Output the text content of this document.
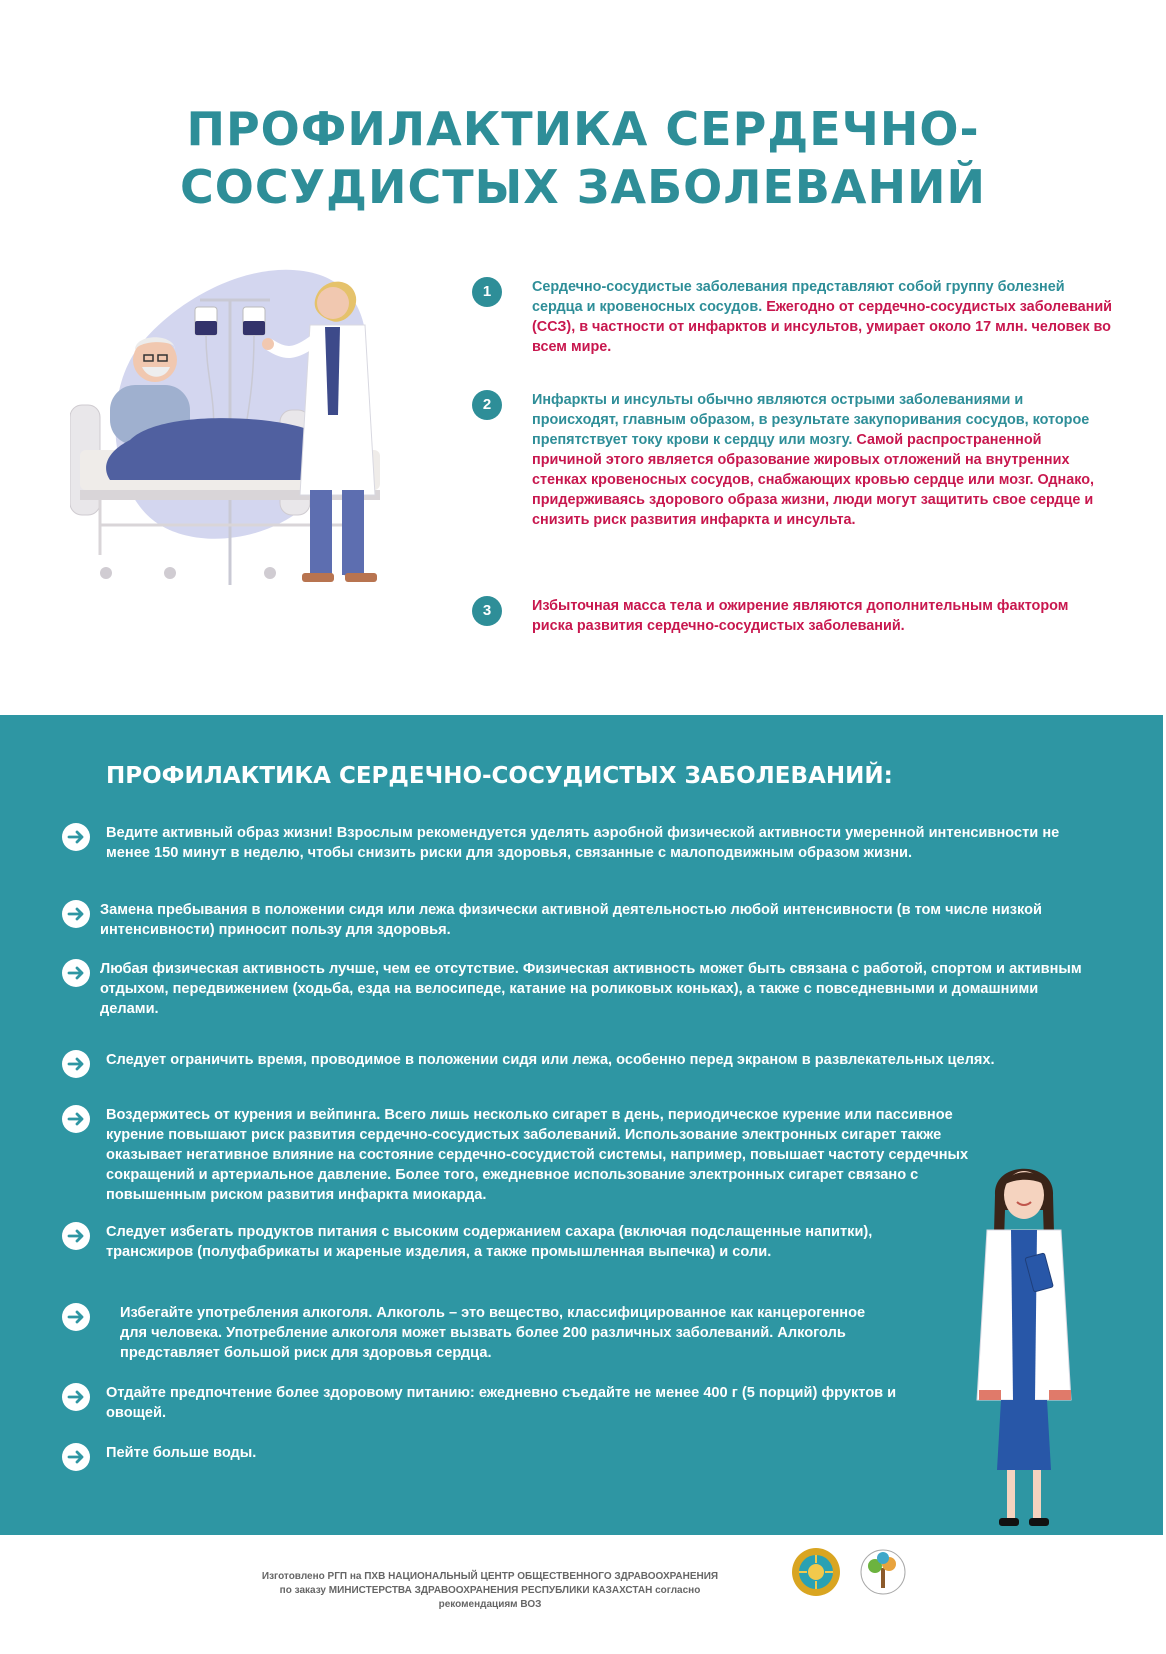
ПРОФИЛАКТИКА СЕРДЕЧНО-
СОСУДИСТЫХ ЗАБОЛЕВАНИЙ
1	Сердечно-сосудистые заболевания представляют собой группу болезней сердца и кровеносных сосудов. Ежегодно от сердечно-сосудистых заболеваний (ССЗ), в частности от инфарктов и инсультов, умирает около 17 млн. человек во всем мире.
2	Инфаркты и инсульты обычно являются острыми заболеваниями и происходят, главным образом, в результате закупоривания сосудов, которое препятствует току крови к сердцу или мозгу. Самой распространенной причиной этого является образование жировых отложений на внутренних стенках кровеносных сосудов, снабжающих кровью сердце или мозг. Однако, придерживаясь здорового образа жизни, люди могут защитить свое сердце и снизить риск развития инфаркта и инсульта.
3	Избыточная масса тела и ожирение являются дополнительным фактором риска развития сердечно-сосудистых заболеваний.
ПРОФИЛАКТИКА СЕРДЕЧНО-СОСУДИСТЫХ ЗАБОЛЕВАНИЙ:
Ведите активный образ жизни! Взрослым рекомендуется уделять аэробной физической активности умеренной интенсивности не менее 150 минут в неделю, чтобы снизить риски для здоровья, связанные с малоподвижным образом жизни.
Замена пребывания в положении сидя или лежа физически активной деятельностью любой интенсивности (в том числе низкой интенсивности) приносит пользу для здоровья.
Любая физическая активность лучше, чем ее отсутствие. Физическая активность может быть связана с работой, спортом и активным отдыхом, передвижением (ходьба, езда на велосипеде, катание на роликовых коньках), а также с повседневными и домашними делами.
Следует ограничить время, проводимое в положении сидя или лежа, особенно перед экраном в развлекательных целях.
Воздержитесь от курения и вейпинга. Всего лишь несколько сигарет в день, периодическое курение или пассивное курение повышают риск развития сердечно-сосудистых заболеваний. Использование электронных сигарет также оказывает негативное влияние на состояние сердечно-сосудистой системы, например, повышает частоту сердечных сокращений и артериальное давление. Более того, ежедневное использование электронных сигарет связано с повышенным риском развития инфаркта миокарда.
Следует избегать продуктов питания с высоким содержанием сахара (включая подслащенные напитки), трансжиров (полуфабрикаты и жареные изделия, а также промышленная выпечка) и соли.
Избегайте употребления алкоголя. Алкоголь – это вещество, классифицированное как канцерогенное для человека. Употребление алкоголя может вызвать более 200 различных заболеваний. Алкоголь представляет большой риск для здоровья сердца.
Отдайте предпочтение более здоровому питанию: ежедневно съедайте не менее 400 г (5 порций) фруктов и овощей.
Пейте больше воды.
Изготовлено РГП на ПХВ НАЦИОНАЛЬНЫЙ ЦЕНТР ОБЩЕСТВЕННОГО ЗДРАВООХРАНЕНИЯ
по заказу МИНИСТЕРСТВА ЗДРАВООХРАНЕНИЯ РЕСПУБЛИКИ КАЗАХСТАН согласно
рекомендациям ВОЗ
